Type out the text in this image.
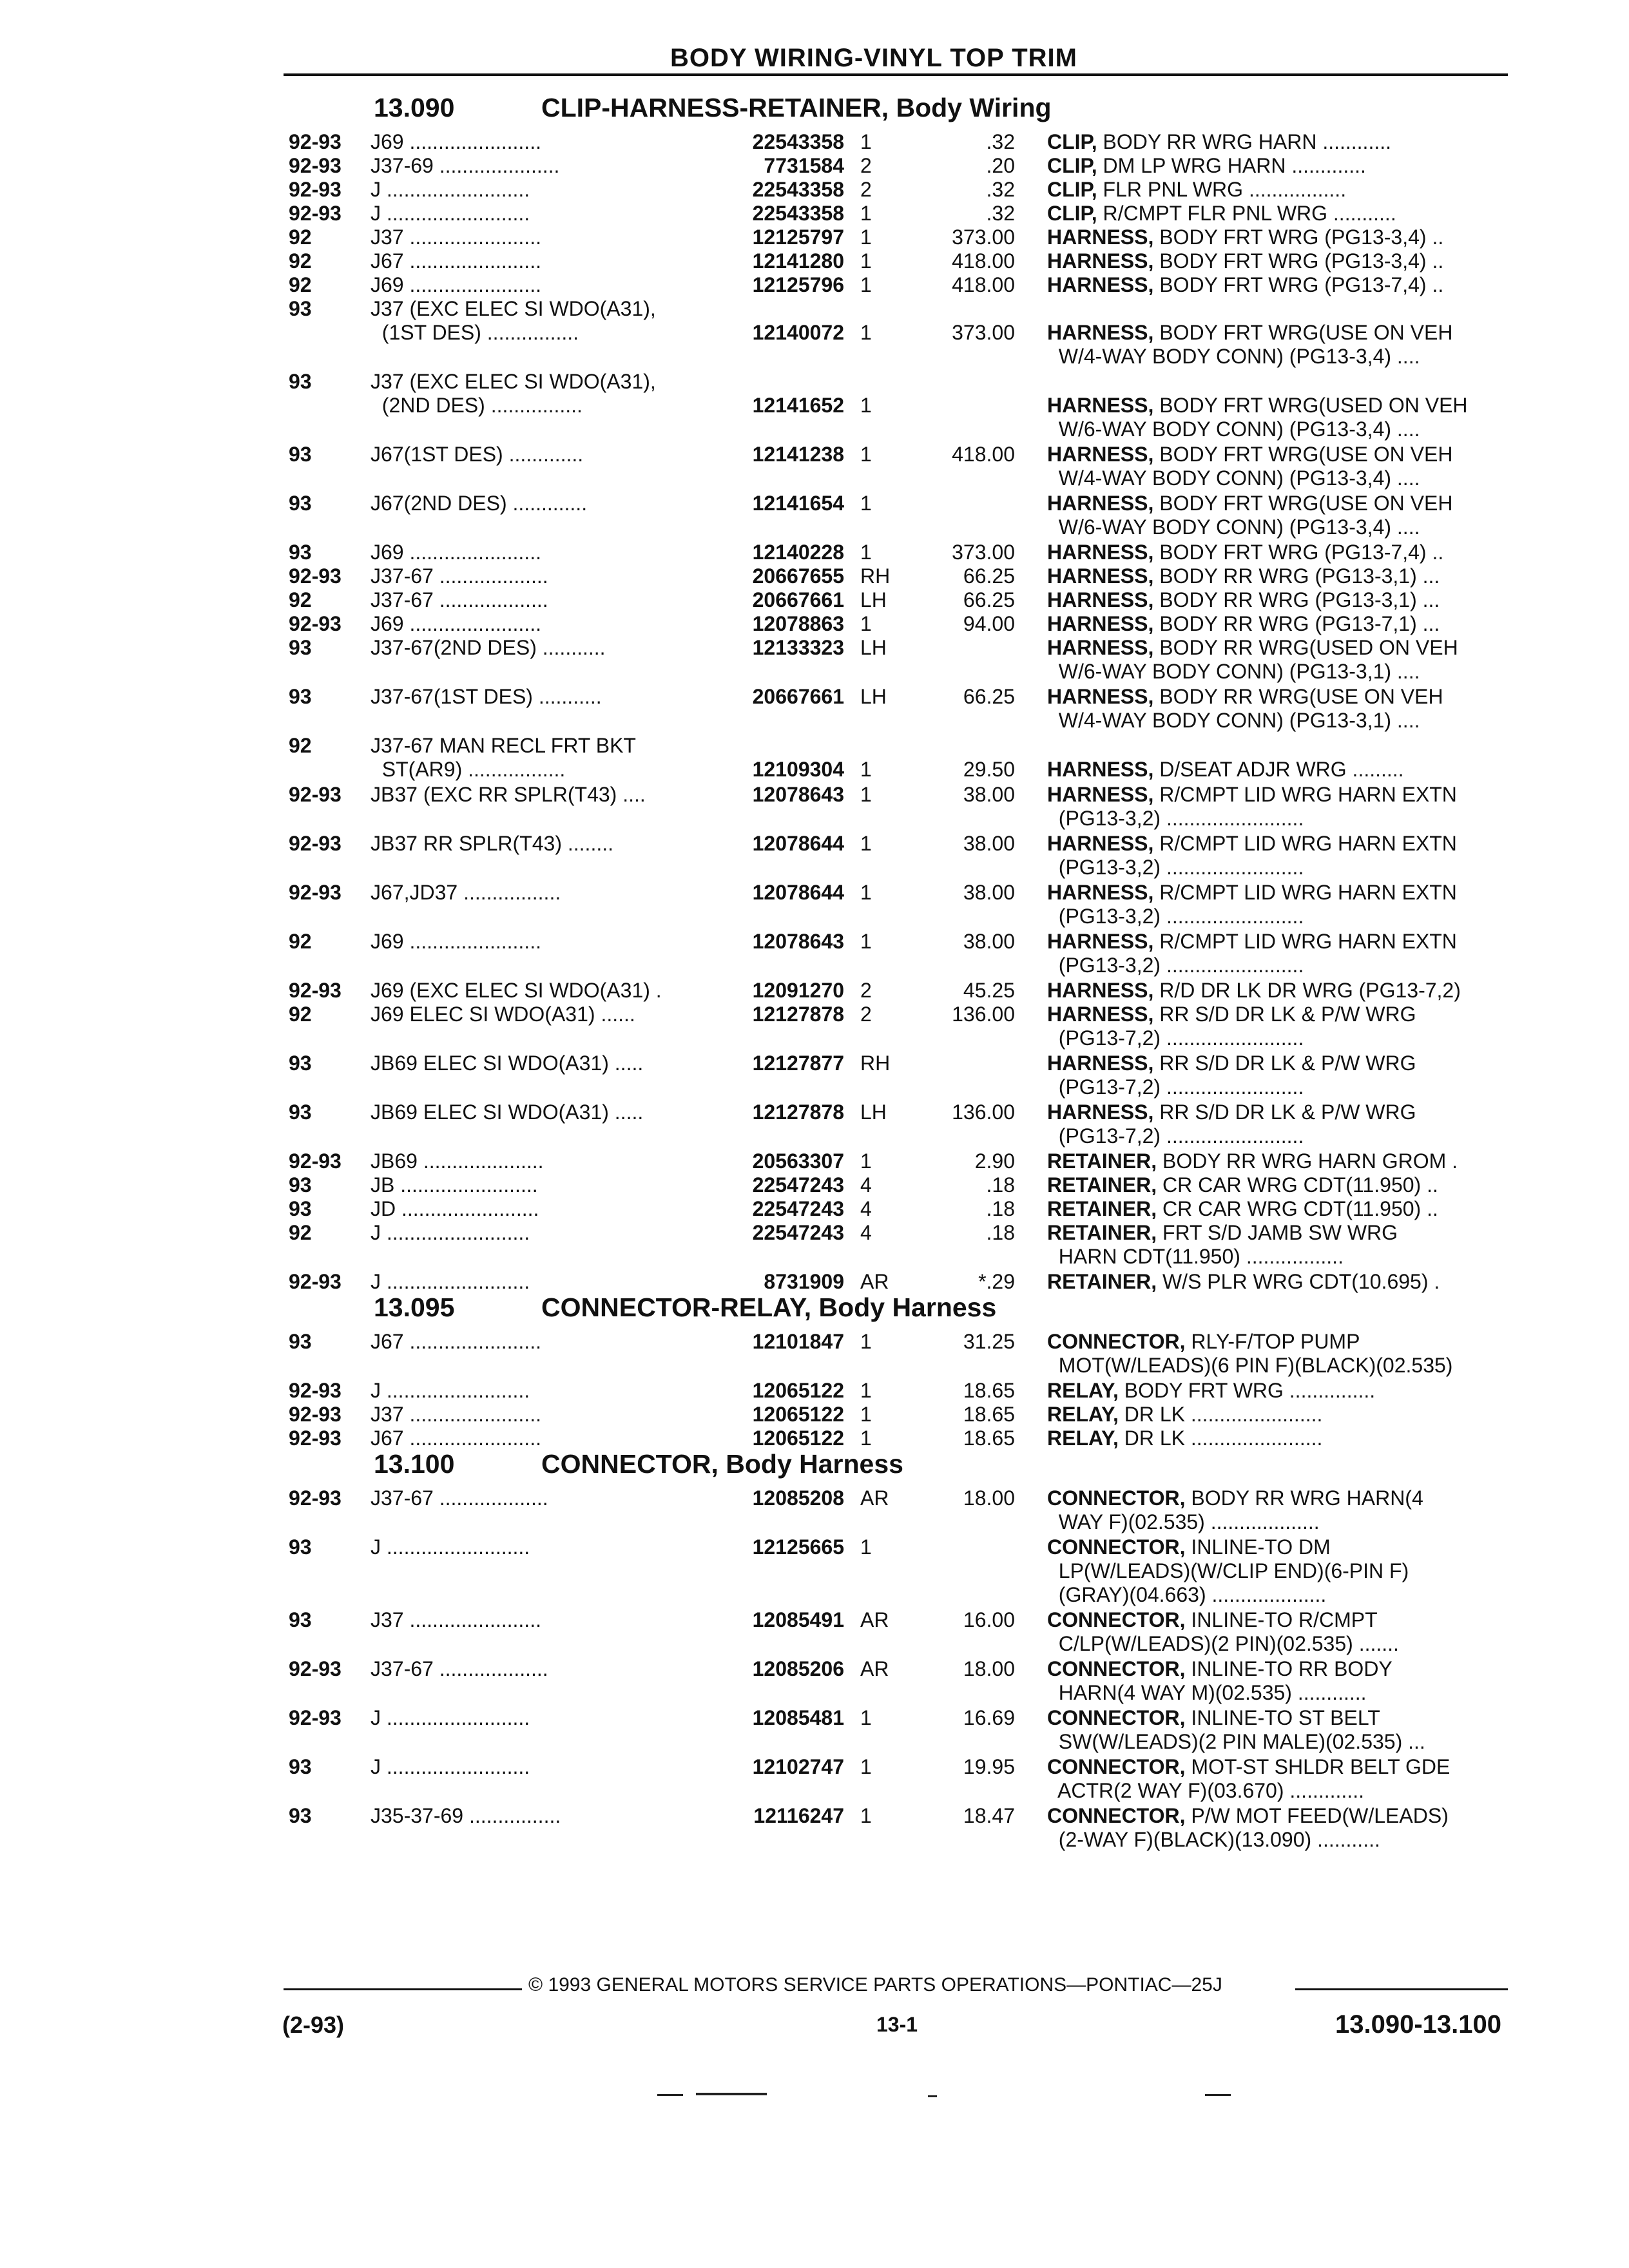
BODY WIRING-VINYL TOP TRIM
13.090	CLIP-HARNESS-RETAINER, Body Wiring
92-93 J69 .......................	22543358 1	.32 CLIP, BODY RR WRG HARN ............
92-93 J37-69 .....................	7731584 2	.20 CLIP, DM LP WRG HARN .............
92-93 J .........................	22543358 2	.32 CLIP, FLR PNL WRG .................
92-93 J .........................	22543358 1	.32 CLIP, R/CMPT FLR PNL WRG ...........
92	J37 .......................	12125797 1	373.00 HARNESS, BODY FRT WRG (PG13-3,4) ..
92	J67 .......................	12141280 1	418.00 HARNESS, BODY FRT WRG (PG13-3,4) ..
92	J69 .......................	12125796 1	418.00 HARNESS, BODY FRT WRG (PG13-7,4) ..
93	J37 (EXC ELEC SI WDO(A31),
(1ST DES) ................	12140072 1	373.00 HARNESS, BODY FRT WRG(USE ON VEH
W/4-WAY BODY CONN) (PG13-3,4) ....
93	J37 (EXC ELEC SI WDO(A31),
(2ND DES) ................	12141652 1	HARNESS, BODY FRT WRG(USED ON VEH
W/6-WAY BODY CONN) (PG13-3,4) ....
93	J67(1ST DES) .............	12141238 1	418.00 HARNESS, BODY FRT WRG(USE ON VEH
W/4-WAY BODY CONN) (PG13-3,4) ....
93	J67(2ND DES) .............	12141654 1	HARNESS, BODY FRT WRG(USE ON VEH
W/6-WAY BODY CONN) (PG13-3,4) ....
93	J69 .......................	12140228 1	373.00 HARNESS, BODY FRT WRG (PG13-7,4) ..
92-93 J37-67 ...................	20667655 RH	66.25 HARNESS, BODY RR WRG (PG13-3,1) ...
92	J37-67 ...................	20667661 LH	66.25 HARNESS, BODY RR WRG (PG13-3,1) ...
92-93 J69 .......................	12078863 1	94.00 HARNESS, BODY RR WRG (PG13-7,1) ...
93	J37-67(2ND DES) ...........	12133323 LH	HARNESS, BODY RR WRG(USED ON VEH
W/6-WAY BODY CONN) (PG13-3,1) ....
93	J37-67(1ST DES) ...........	20667661 LH	66.25 HARNESS, BODY RR WRG(USE ON VEH
W/4-WAY BODY CONN) (PG13-3,1) ....
92	J37-67 MAN RECL FRT BKT
ST(AR9) .................	12109304 1	29.50 HARNESS, D/SEAT ADJR WRG .........
92-93 JB37 (EXC RR SPLR(T43) ....	12078643 1	38.00 HARNESS, R/CMPT LID WRG HARN EXTN
(PG13-3,2) ........................
92-93 JB37 RR SPLR(T43) ........	12078644 1	38.00 HARNESS, R/CMPT LID WRG HARN EXTN
(PG13-3,2) ........................
92-93 J67,JD37 .................	12078644 1	38.00 HARNESS, R/CMPT LID WRG HARN EXTN
(PG13-3,2) ........................
92	J69 .......................	12078643 1	38.00 HARNESS, R/CMPT LID WRG HARN EXTN
(PG13-3,2) ........................
92-93 J69 (EXC ELEC SI WDO(A31) .	12091270 2	45.25 HARNESS, R/D DR LK DR WRG (PG13-7,2)
92	J69 ELEC SI WDO(A31) ......	12127878 2	136.00 HARNESS, RR S/D DR LK & P/W WRG
(PG13-7,2) ........................
93	JB69 ELEC SI WDO(A31) .....	12127877 RH	HARNESS, RR S/D DR LK & P/W WRG
(PG13-7,2) ........................
93	JB69 ELEC SI WDO(A31) .....	12127878 LH	136.00 HARNESS, RR S/D DR LK & P/W WRG
(PG13-7,2) ........................
92-93 JB69 .....................	20563307 1	2.90 RETAINER, BODY RR WRG HARN GROM .
93	JB ........................	22547243 4	.18 RETAINER, CR CAR WRG CDT(11.950) ..
93	JD ........................	22547243 4	.18 RETAINER, CR CAR WRG CDT(11.950) ..
92	J .........................	22547243 4	.18 RETAINER, FRT S/D JAMB SW WRG
HARN CDT(11.950) .................
92-93 J .........................	8731909 AR	*.29 RETAINER, W/S PLR WRG CDT(10.695) .
13.095	CONNECTOR-RELAY, Body Harness
93	J67 .......................	12101847 1	31.25 CONNECTOR, RLY-F/TOP PUMP
MOT(W/LEADS)(6 PIN F)(BLACK)(02.535)
92-93 J .........................	12065122 1	18.65 RELAY, BODY FRT WRG ...............
92-93 J37 .......................	12065122 1	18.65 RELAY, DR LK .......................
92-93 J67 .......................	12065122 1	18.65 RELAY, DR LK .......................
13.100	CONNECTOR, Body Harness
92-93 J37-67 ...................	12085208 AR	18.00 CONNECTOR, BODY RR WRG HARN(4
WAY F)(02.535) ...................
93	J .........................	12125665 1	CONNECTOR, INLINE-TO DM
LP(W/LEADS)(W/CLIP END)(6-PIN F)
(GRAY)(04.663) ....................
93	J37 .......................	12085491 AR	16.00 CONNECTOR, INLINE-TO R/CMPT
C/LP(W/LEADS)(2 PIN)(02.535) .......
92-93 J37-67 ...................	12085206 AR	18.00 CONNECTOR, INLINE-TO RR BODY
HARN(4 WAY M)(02.535) ............
92-93 J .........................	12085481 1	16.69 CONNECTOR, INLINE-TO ST BELT
SW(W/LEADS)(2 PIN MALE)(02.535) ...
93	J .........................	12102747 1	19.95 CONNECTOR, MOT-ST SHLDR BELT GDE
ACTR(2 WAY F)(03.670) .............
93	J35-37-69 ................	12116247 1	18.47 CONNECTOR, P/W MOT FEED(W/LEADS)
(2-WAY F)(BLACK)(13.090) ...........
© 1993 GENERAL MOTORS SERVICE PARTS OPERATIONS—PONTIAC—25J
(2-93)	13-1	13.090-13.100
